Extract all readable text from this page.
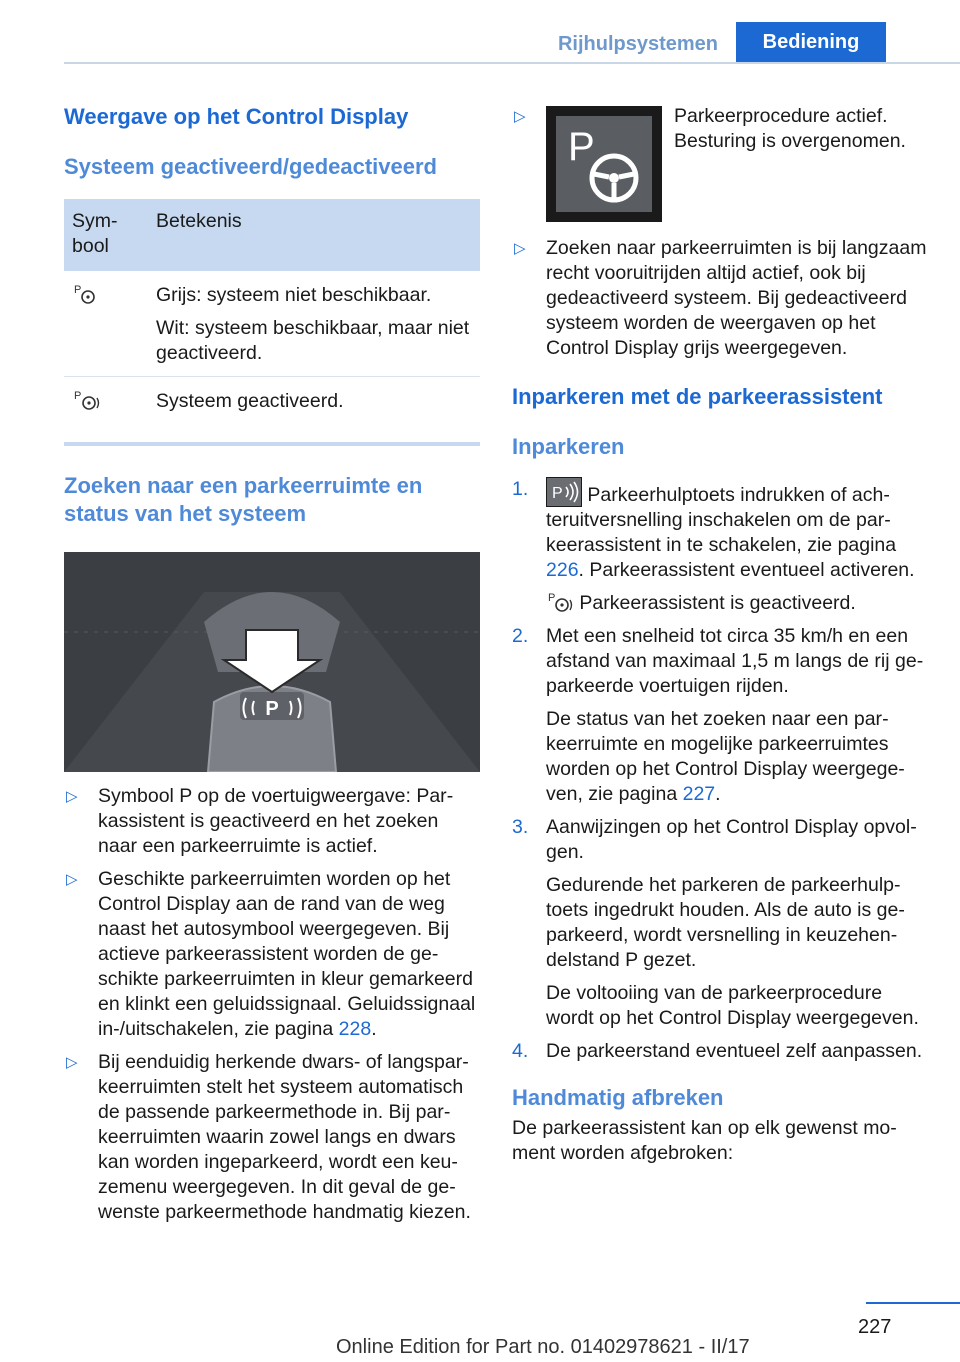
Rijhulpsystemen	Bediening

Weergave op het Control Display

Systeem geactiveerd/gedeactiveerd

Sym-
bool	Betekenis

P	Grijs: systeem niet beschikbaar.
Wit: systeem beschikbaar, maar niet geactiveerd.

P	Systeem geactiveerd.

Zoeken naar een parkeerruimte en status van het systeem

P
▷ Symbool P op de voertuigweergave: Parkassistent is geactiveerd en het zoeken naar een parkeerruimte is actief.
▷ Geschikte parkeerruimten worden op het Control Display aan de rand van de weg naast het autosymbool weergegeven. Bij actieve parkeerassistent worden de geschikte parkeerruimten in kleur gemarkeerd en klinkt een geluidssignaal. Geluidssignaal in-/uitschakelen, zie pagina 228.
▷ Bij eenduidig herkende dwars- of langsparkeerruimten stelt het systeem automatisch de passende parkeermethode in. Bij parkeerruimten waarin zowel langs en dwars kan worden ingeparkeerd, wordt een keuzemenu weergegeven. In dit geval de gewenste parkeermethode handmatig kiezen.
▷
P
Parkeerprocedure actief. Besturing is overgenomen.
▷ Zoeken naar parkeerruimten is bij langzaam recht vooruitrijden altijd actief, ook bij gedeactiveerd systeem. Bij gedeactiveerd systeem worden de weergaven op het Control Display grijs weergegeven.

Inparkeren met de parkeerassistent

Inparkeren

1. P Parkeerhulptoets indrukken of achteruitversnelling inschakelen om de parkeerassistent in te schakelen, zie pagina 226. Parkeerassistent eventueel activeren.
P Parkeerassistent is geactiveerd.
2. Met een snelheid tot circa 35 km/h en een afstand van maximaal 1,5 m langs de rij geparkeerde voertuigen rijden.
De status van het zoeken naar een parkeerruimte en mogelijke parkeerruimtes worden op het Control Display weergegeven, zie pagina 227.
3. Aanwijzingen op het Control Display opvolgen.
Gedurende het parkeren de parkeerhulptoets ingedrukt houden. Als de auto is geparkeerd, wordt versnelling in keuzehendelstand P gezet.
De voltooiing van de parkeerprocedure wordt op het Control Display weergegeven.
4. De parkeerstand eventueel zelf aanpassen.

Handmatig afbreken

De parkeerassistent kan op elk gewenst moment worden afgebroken:
227
Online Edition for Part no. 01402978621 - II/17
